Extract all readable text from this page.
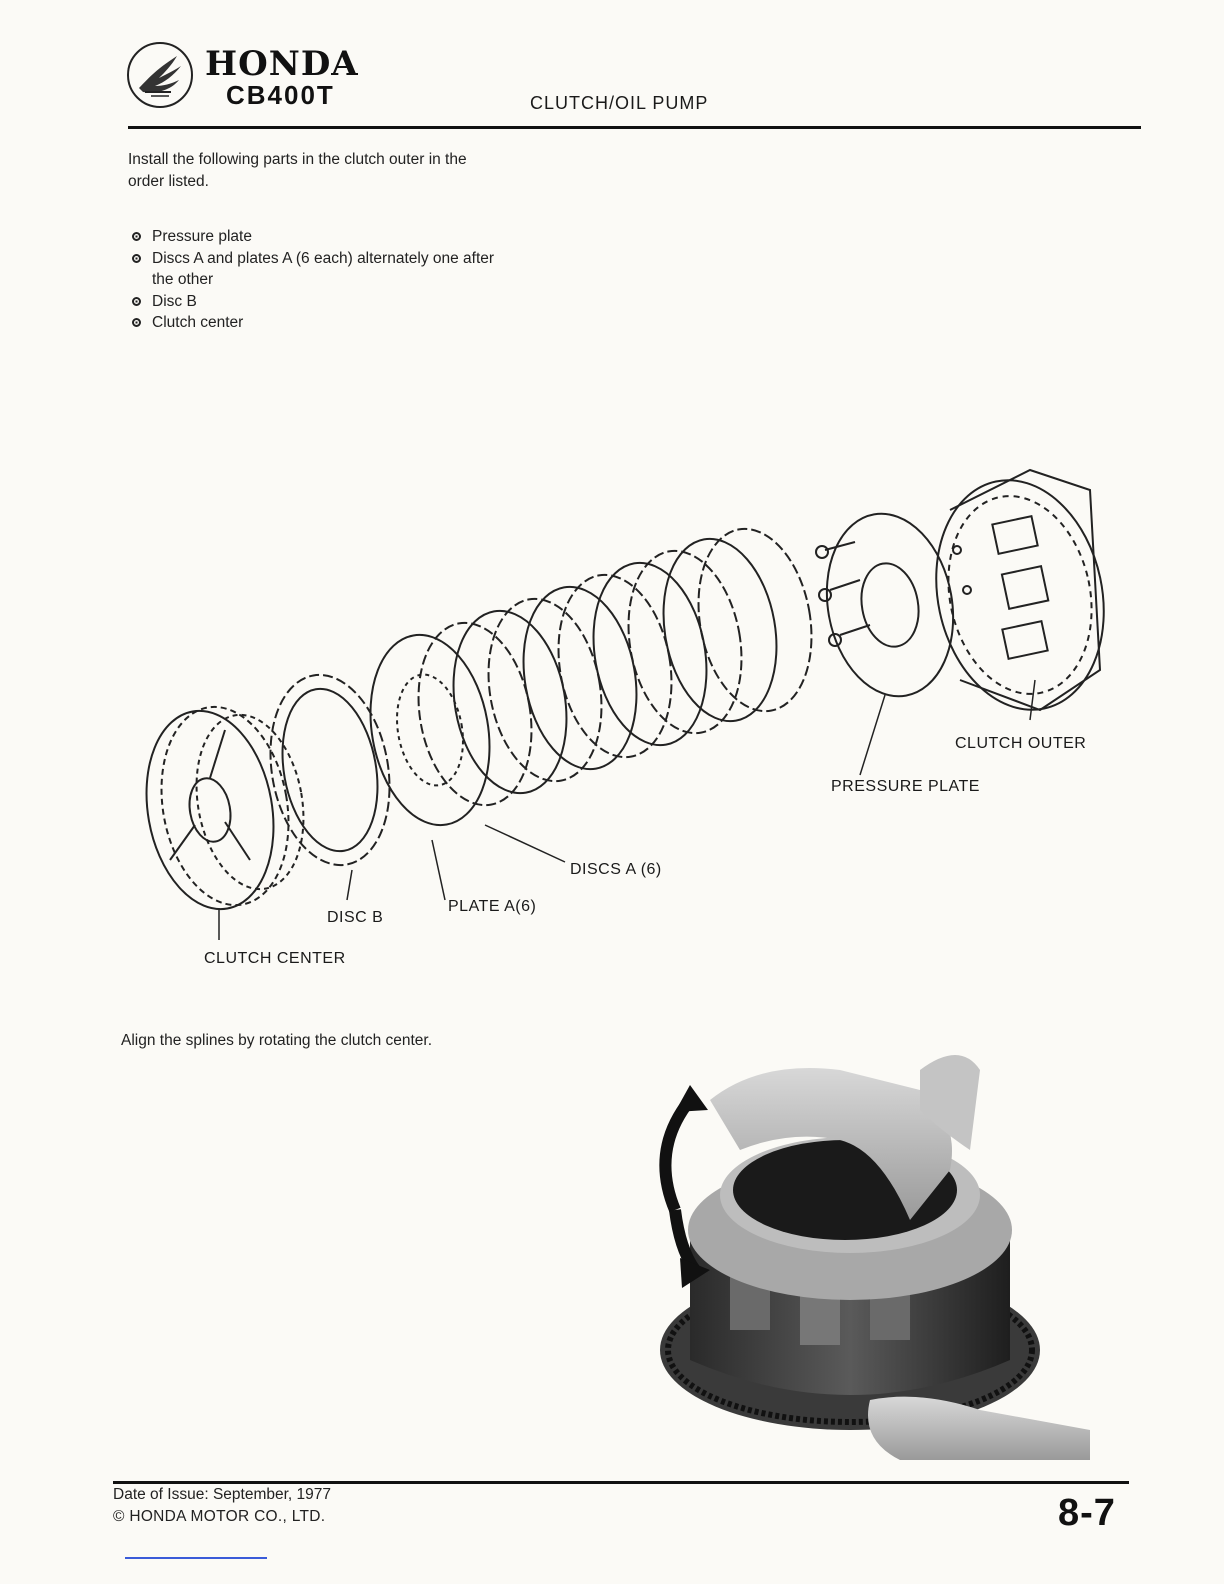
HONDA
CB400T	CLUTCH/OIL PUMP
Install the following parts in the clutch outer in the order listed.
Pressure plate
Discs A and plates A (6 each) alternately one after the other
Disc B
Clutch center
CLUTCH OUTER
PRESSURE PLATE
DISCS A (6)
PLATE A(6)
DISC B
CLUTCH CENTER
Align the splines by rotating the clutch center.
Date of Issue: September, 1977
© HONDA MOTOR CO., LTD.	8-7
